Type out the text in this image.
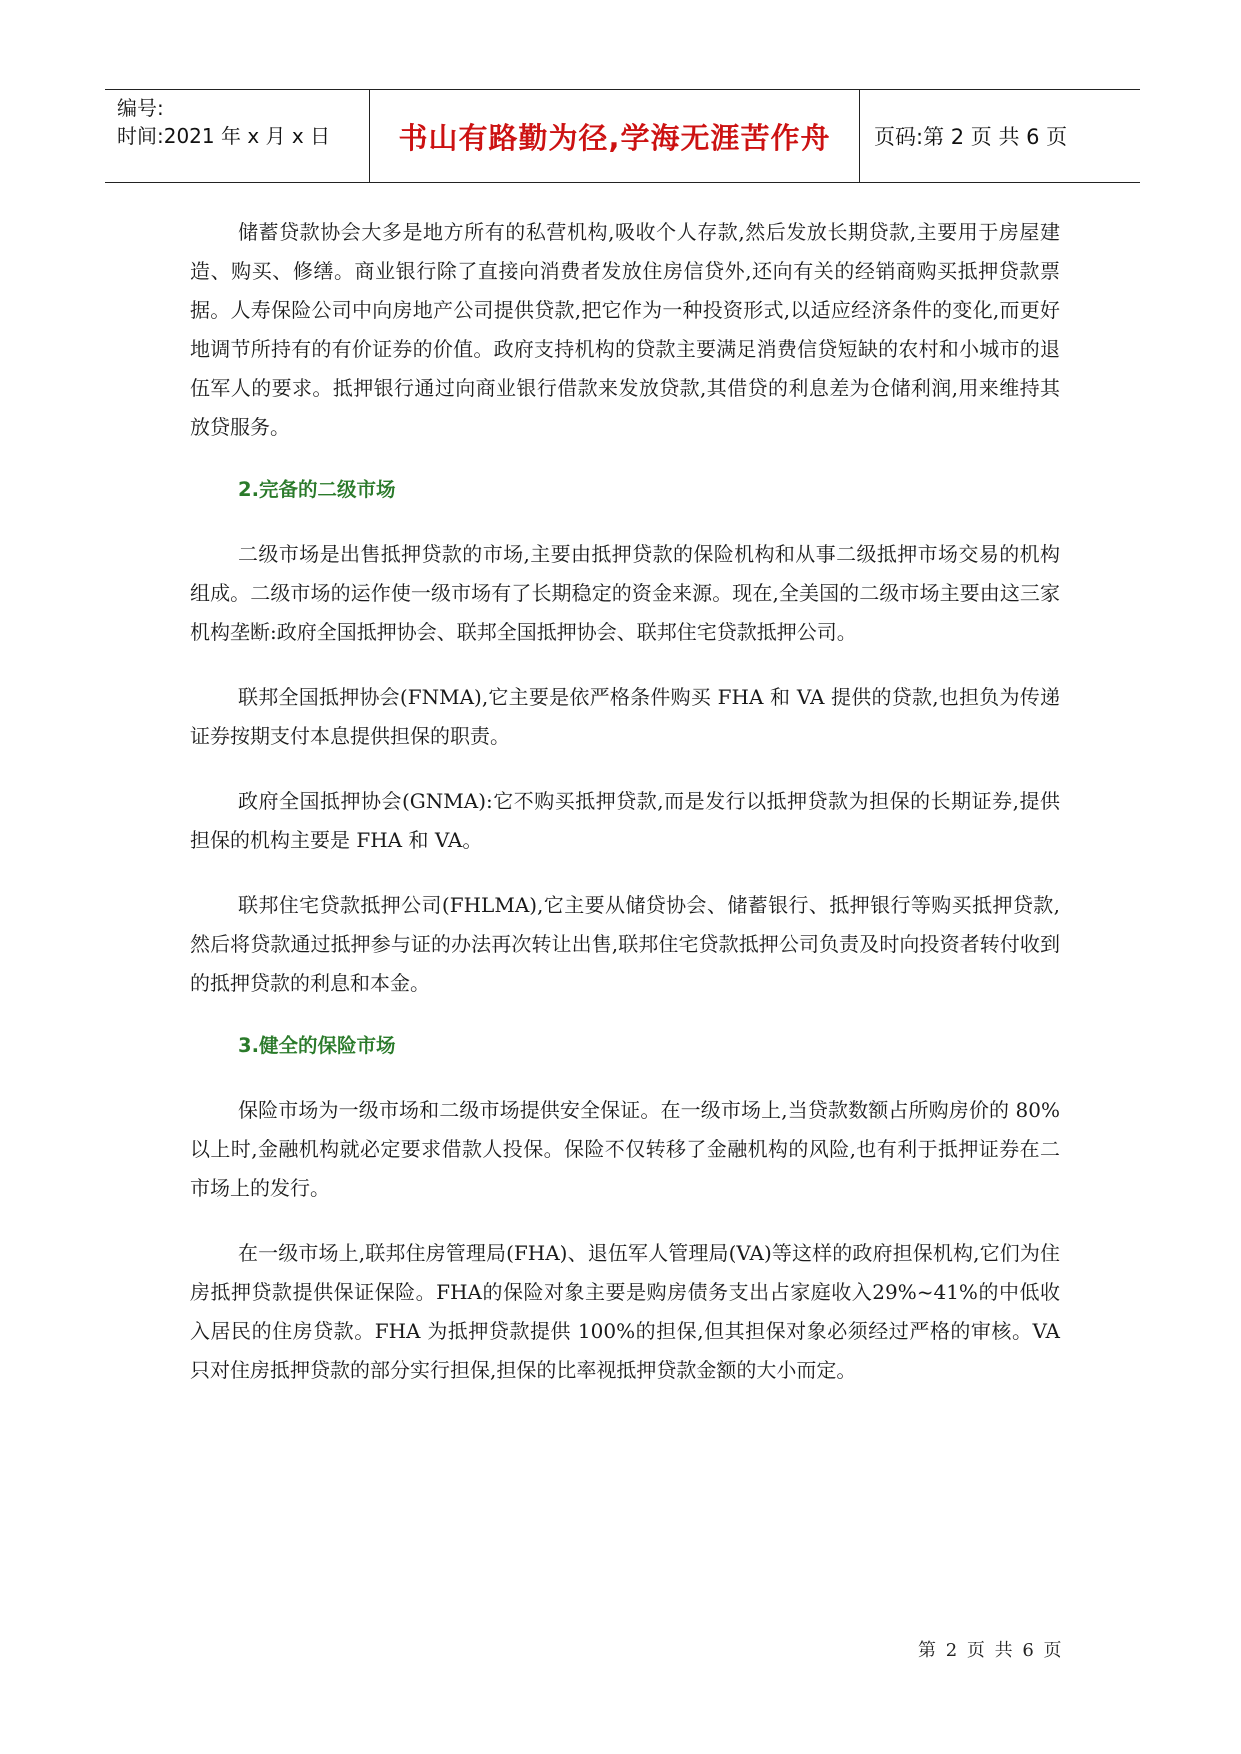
编号:
时间:2021 年 x 月 x 日	书山有路勤为径,学海无涯苦作舟	页码:第 2 页 共 6 页

储蓄贷款协会大多是地方所有的私营机构,吸收个人存款,然后发放长期贷款,主要用于房屋建造、购买、修缮。商业银行除了直接向消费者发放住房信贷外,还向有关的经销商购买抵押贷款票据。人寿保险公司中向房地产公司提供贷款,把它作为一种投资形式,以适应经济条件的变化,而更好地调节所持有的有价证券的价值。政府支持机构的贷款主要满足消费信贷短缺的农村和小城市的退伍军人的要求。抵押银行通过向商业银行借款来发放贷款,其借贷的利息差为仓储利润,用来维持其放贷服务。

2.完备的二级市场

二级市场是出售抵押贷款的市场,主要由抵押贷款的保险机构和从事二级抵押市场交易的机构组成。二级市场的运作使一级市场有了长期稳定的资金来源。现在,全美国的二级市场主要由这三家机构垄断:政府全国抵押协会、联邦全国抵押协会、联邦住宅贷款抵押公司。

联邦全国抵押协会(FNMA),它主要是依严格条件购买 FHA 和 VA 提供的贷款,也担负为传递证券按期支付本息提供担保的职责。

政府全国抵押协会(GNMA):它不购买抵押贷款,而是发行以抵押贷款为担保的长期证券,提供担保的机构主要是 FHA 和 VA。

联邦住宅贷款抵押公司(FHLMA),它主要从储贷协会、储蓄银行、抵押银行等购买抵押贷款,然后将贷款通过抵押参与证的办法再次转让出售,联邦住宅贷款抵押公司负责及时向投资者转付收到的抵押贷款的利息和本金。

3.健全的保险市场

保险市场为一级市场和二级市场提供安全保证。在一级市场上,当贷款数额占所购房价的 80%以上时,金融机构就必定要求借款人投保。保险不仅转移了金融机构的风险,也有利于抵押证券在二市场上的发行。

在一级市场上,联邦住房管理局(FHA)、退伍军人管理局(VA)等这样的政府担保机构,它们为住房抵押贷款提供保证保险。FHA的保险对象主要是购房债务支出占家庭收入29%~41%的中低收入居民的住房贷款。FHA 为抵押贷款提供 100%的担保,但其担保对象必须经过严格的审核。VA 只对住房抵押贷款的部分实行担保,担保的比率视抵押贷款金额的大小而定。

第 2 页 共 6 页
